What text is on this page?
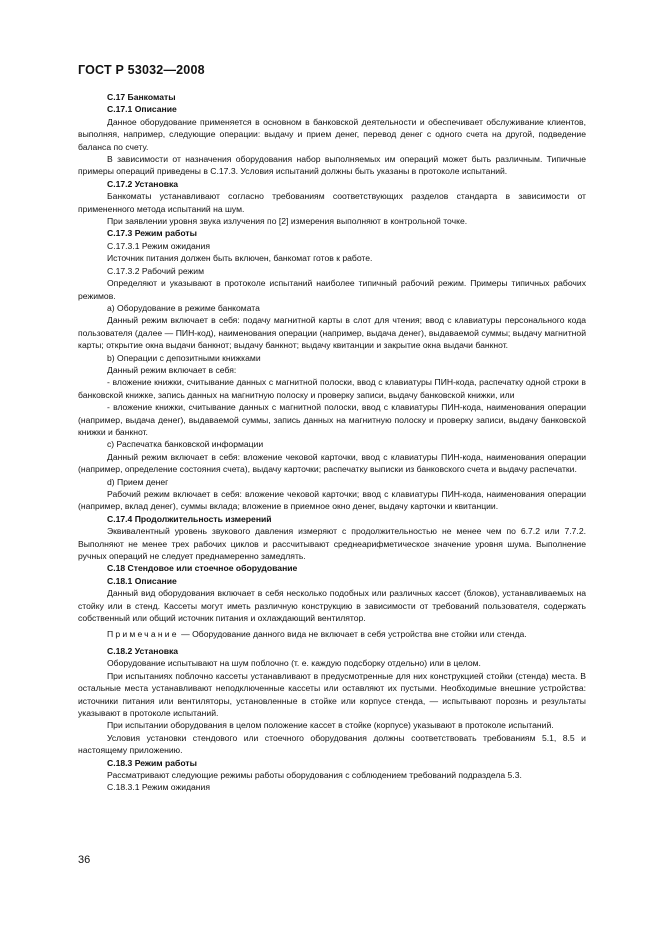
ГОСТ Р 53032—2008
С.17 Банкоматы
С.17.1 Описание
Данное оборудование применяется в основном в банковской деятельности и обеспечивает обслуживание клиентов, выполняя, например, следующие операции: выдачу и прием денег, перевод денег с одного счета на другой, подведение баланса по счету.
В зависимости от назначения оборудования набор выполняемых им операций может быть различным. Типичные примеры операций приведены в С.17.3. Условия испытаний должны быть указаны в протоколе испытаний.
С.17.2 Установка
Банкоматы устанавливают согласно требованиям соответствующих разделов стандарта в зависимости от примененного метода испытаний на шум.
При заявлении уровня звука излучения по [2] измерения выполняют в контрольной точке.
С.17.3 Режим работы
С.17.3.1 Режим ожидания
Источник питания должен быть включен, банкомат готов к работе.
С.17.3.2 Рабочий режим
Определяют и указывают в протоколе испытаний наиболее типичный рабочий режим. Примеры типичных рабочих режимов.
a) Оборудование в режиме банкомата
Данный режим включает в себя: подачу магнитной карты в слот для чтения; ввод с клавиатуры персонального кода пользователя (далее — ПИН-код), наименования операции (например, выдача денег), выдаваемой суммы; выдачу магнитной карты; открытие окна выдачи банкнот; выдачу банкнот; выдачу квитанции и закрытие окна выдачи банкнот.
b) Операции с депозитными книжками
Данный режим включает в себя:
- вложение книжки, считывание данных с магнитной полоски, ввод с клавиатуры ПИН-кода, распечатку одной строки в банковской книжке, запись данных на магнитную полоску и проверку записи, выдачу банковской книжки, или
- вложение книжки, считывание данных с магнитной полоски, ввод с клавиатуры ПИН-кода, наименования операции (например, выдача денег), выдаваемой суммы, запись данных на магнитную полоску и проверку записи, выдачу банковской книжки и банкнот.
c) Распечатка банковской информации
Данный режим включает в себя: вложение чековой карточки, ввод с клавиатуры ПИН-кода, наименования операции (например, определение состояния счета), выдачу карточки; распечатку выписки из банковского счета и выдачу распечатки.
d) Прием денег
Рабочий режим включает в себя: вложение чековой карточки; ввод с клавиатуры ПИН-кода, наименования операции (например, вклад денег), суммы вклада; вложение в приемное окно денег, выдачу карточки и квитанции.
С.17.4 Продолжительность измерений
Эквивалентный уровень звукового давления измеряют с продолжительностью не менее чем по 6.7.2 или 7.7.2. Выполняют не менее трех рабочих циклов и рассчитывают среднеарифметическое значение уровня шума. Выполнение ручных операций не следует преднамеренно замедлять.
С.18 Стендовое или стоечное оборудование
С.18.1 Описание
Данный вид оборудования включает в себя несколько подобных или различных кассет (блоков), устанавливаемых на стойку или в стенд. Кассеты могут иметь различную конструкцию в зависимости от требований пользователя, содержать собственный или общий источник питания и охлаждающий вентилятор.
Примечание — Оборудование данного вида не включает в себя устройства вне стойки или стенда.
С.18.2 Установка
Оборудование испытывают на шум поблочно (т. е. каждую подсборку отдельно) или в целом.
При испытаниях поблочно кассеты устанавливают в предусмотренные для них конструкцией стойки (стенда) места. В остальные места устанавливают неподключенные кассеты или оставляют их пустыми. Необходимые внешние устройства: источники питания или вентиляторы, установленные в стойке или корпусе стенда, — испытывают порознь и результаты указывают в протоколе испытаний.
При испытании оборудования в целом положение кассет в стойке (корпусе) указывают в протоколе испытаний.
Условия установки стендового или стоечного оборудования должны соответствовать требованиям 5.1, 8.5 и настоящему приложению.
С.18.3 Режим работы
Рассматривают следующие режимы работы оборудования с соблюдением требований подраздела 5.3.
С.18.3.1 Режим ожидания
36
